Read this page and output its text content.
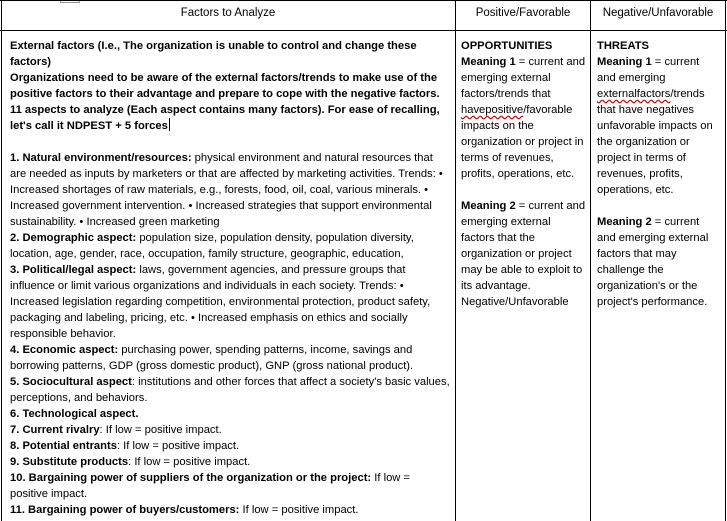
Factors to Analyze	Positive/Favorable	Negative/Unfavorable

External factors (I.e., The organization is unable to control and change these factors)

Organizations need to be aware of the external factors/trends to make use of the positive factors to their advantage and prepare to cope with the negative factors. 11 aspects to analyze (Each aspect contains many factors). For ease of recalling, let's call it NDPEST + 5 forces

1. Natural environment/resources: physical environment and natural resources that are needed as inputs by marketers or that are affected by marketing activities. Trends: • Increased shortages of raw materials, e.g., forests, food, oil, coal, various minerals. • Increased government intervention. • Increased strategies that support environmental sustainability. • Increased green marketing

2. Demographic aspect: population size, population density, population diversity, location, age, gender, race, occupation, family structure, geographic, education,

3. Political/legal aspect: laws, government agencies, and pressure groups that influence or limit various organizations and individuals in each society. Trends: • Increased legislation regarding competition, environmental protection, product safety, packaging and labeling, pricing, etc. • Increased emphasis on ethics and socially responsible behavior.

4. Economic aspect: purchasing power, spending patterns, income, savings and borrowing patterns, GDP (gross domestic product), GNP (gross national product).

5. Sociocultural aspect: institutions and other forces that affect a society's basic values, perceptions, and behaviors.

6. Technological aspect.

7. Current rivalry: If low = positive impact.

8. Potential entrants: If low = positive impact.

9. Substitute products: If low = positive impact.

10. Bargaining power of suppliers of the organization or the project: If low = positive impact.

11. Bargaining power of buyers/customers: If low = positive impact.

OPPORTUNITIES

Meaning 1 = current and emerging external factors/trends that havepositive/favorable impacts on the organization or project in terms of revenues, profits, operations, etc.

Meaning 2 = current and emerging external factors that the organization or project may be able to exploit to its advantage. Negative/Unfavorable

THREATS

Meaning 1 = current and emerging externalfactors/trends that have negatives unfavorable impacts on the organization or project in terms of revenues, profits, operations, etc.

Meaning 2 = current and emerging external factors that may challenge the organization's or the project's performance.
